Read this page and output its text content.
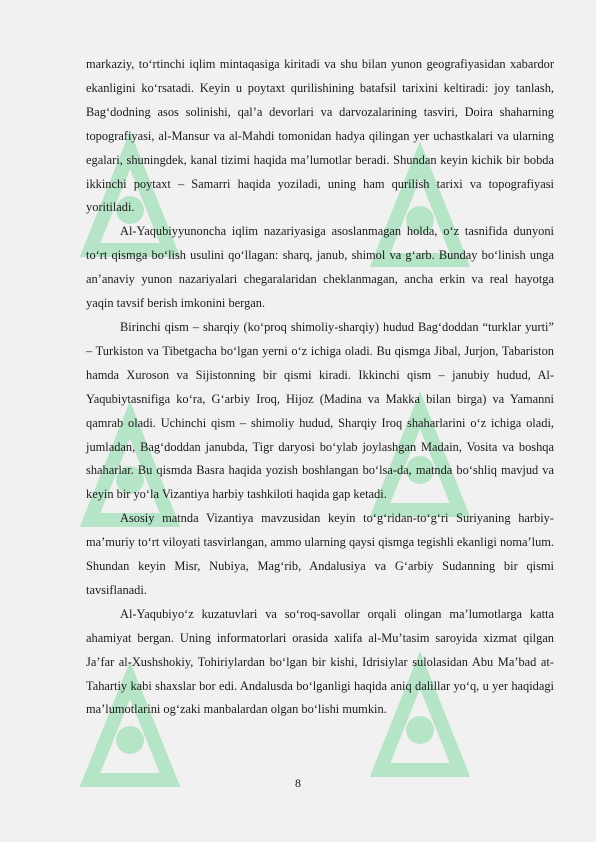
markaziy, toʻrtinchi iqlim mintaqasiga kiritadi va shu bilan yunon geografiyasidan xabardor ekanligini koʻrsatadi. Keyin u poytaxt qurilishining batafsil tarixini keltiradi: joy tanlash, Bagʻdodning asos solinishi, qalʼa devorlari va darvozalarining tasviri, Doira shaharning topografiyasi, al-Mansur va al-Mahdi tomonidan hadya qilingan yer uchastkalari va ularning egalari, shuningdek, kanal tizimi haqida maʼlumotlar beradi. Shundan keyin kichik bir bobda ikkinchi poytaxt – Samarri haqida yoziladi, uning ham qurilish tarixi va topografiyasi yoritiladi.

Al-Yaqubiyyunoncha iqlim nazariyasiga asoslanmagan holda, oʻz tasnifida dunyoni toʻrt qismga boʻlish usulini qoʻllagan: sharq, janub, shimol va gʻarb. Bunday boʻlinish unga anʼanaviy yunon nazariyalari chegaralaridan cheklanmagan, ancha erkin va real hayotga yaqin tavsif berish imkonini bergan.

Birinchi qism – sharqiy (koʻproq shimoliy-sharqiy) hudud Bagʻdoddan “turklar yurti” – Turkiston va Tibetgacha boʻlgan yerni oʻz ichiga oladi. Bu qismga Jibal, Jurjon, Tabariston hamda Xuroson va Sijistonning bir qismi kiradi. Ikkinchi qism – janubiy hudud, Al-Yaqubiytasnifiga koʻra, Gʻarbiy Iroq, Hijoz (Madina va Makka bilan birga) va Yamanni qamrab oladi. Uchinchi qism – shimoliy hudud, Sharqiy Iroq shaharlarini oʻz ichiga oladi, jumladan, Bagʻdoddan janubda, Tigr daryosi boʻylab joylashgan Madain, Vosita va boshqa shaharlar. Bu qismda Basra haqida yozish boshlangan boʻlsa-da, matnda boʻshliq mavjud va keyin bir yoʻla Vizantiya harbiy tashkiloti haqida gap ketadi.

Asosiy matnda Vizantiya mavzusidan keyin toʻgʻridan-toʻgʻri Suriyaning harbiy-maʼmuriy toʻrt viloyati tasvirlangan, ammo ularning qaysi qismga tegishli ekanligi nomaʼlum. Shundan keyin Misr, Nubiya, Magʻrib, Andalusiya va Gʻarbiy Sudanning bir qismi tavsiflanadi.

Al-Yaqubiyoʻz kuzatuvlari va soʻroq-savollar orqali olingan maʼlumotlarga katta ahamiyat bergan. Uning informatorlari orasida xalifa al-Muʼtasim saroyida xizmat qilgan Jaʼfar al-Xushshokiy, Tohiriylardan boʻlgan bir kishi, Idrisiylar sulolasidan Abu Maʼbad at-Tahartiy kabi shaxslar bor edi. Andalusda boʻlganligi haqida aniq dalillar yoʻq, u yer haqidagi maʼlumotlarini ogʻzaki manbalardan olgan boʻlishi mumkin.

8
